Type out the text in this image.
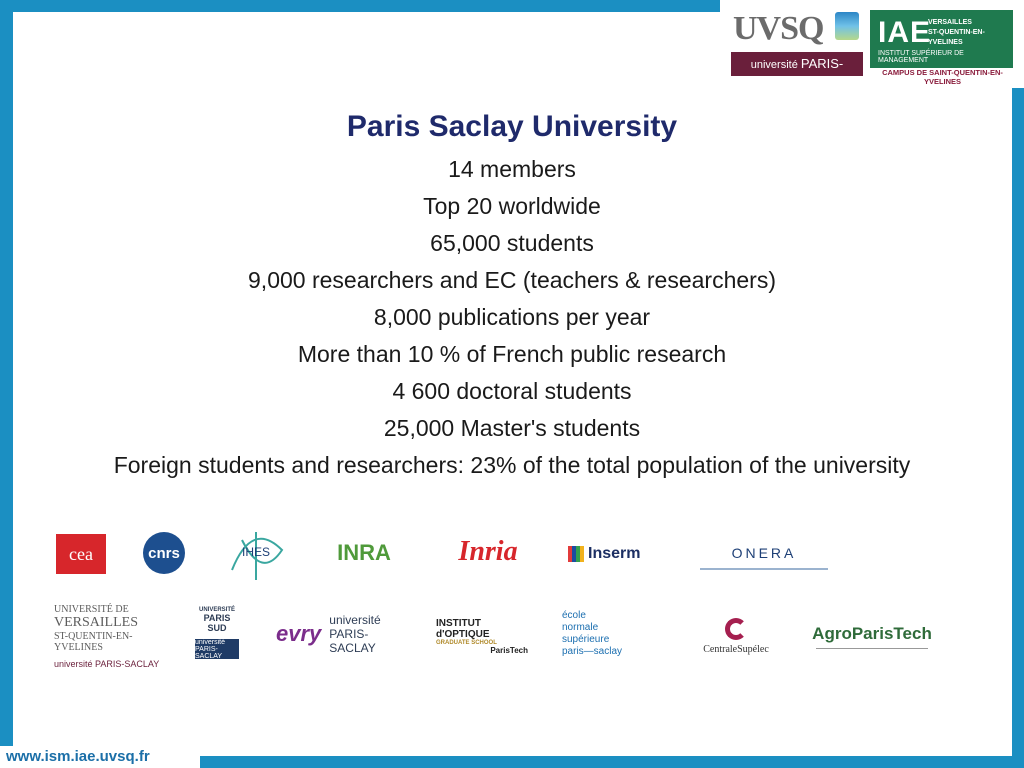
UVSQ
université PARIS-SACLAY
IAE
VERSAILLES
ST-QUENTIN-EN-YVELINES
INSTITUT SUPÉRIEUR DE MANAGEMENT
CAMPUS DE SAINT-QUENTIN-EN-YVELINES
Paris Saclay University
14 members
Top 20 worldwide
65,000 students
9,000 researchers and EC (teachers & researchers)
8,000 publications per year
More than 10 % of French public research
4 600 doctoral students
25,000 Master's students
Foreign students and researchers: 23% of the total population of the university
cea	cnrs	IHES	INRA	Inria	Inserm	ONERA
UNIVERSITÉ DE
VERSAILLES
ST-QUENTIN-EN-YVELINES
université PARIS-SACLAY
UNIVERSITÉ
PARIS
SUD
université PARIS-SACLAY
evry
université PARIS-SACLAY
INSTITUT
d'OPTIQUE
GRADUATE SCHOOL
ParisTech
école
normale
supérieure
paris—saclay	CentraleSupélec
AgroParisTech
www.ism.iae.uvsq.fr
